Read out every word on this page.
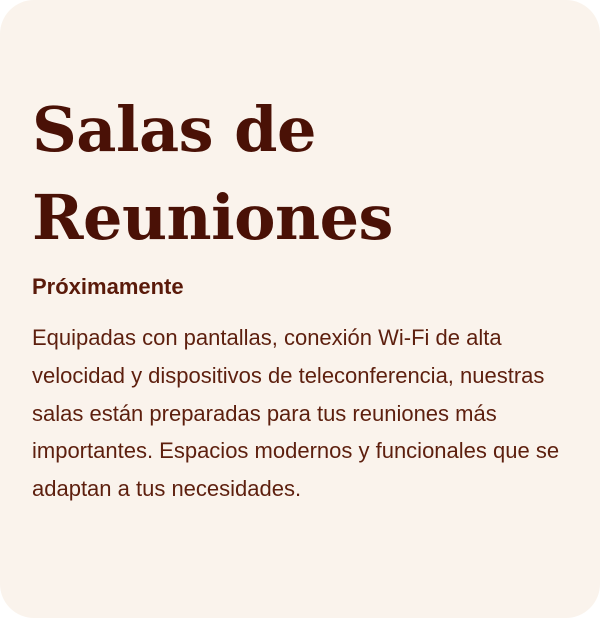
Salas de Reuniones
Próximamente

Equipadas con pantallas, conexión Wi-Fi de alta velocidad y dispositivos de teleconferencia, nuestras salas están preparadas para tus reuniones más importantes. Espacios modernos y funcionales que se adaptan a tus necesidades.
